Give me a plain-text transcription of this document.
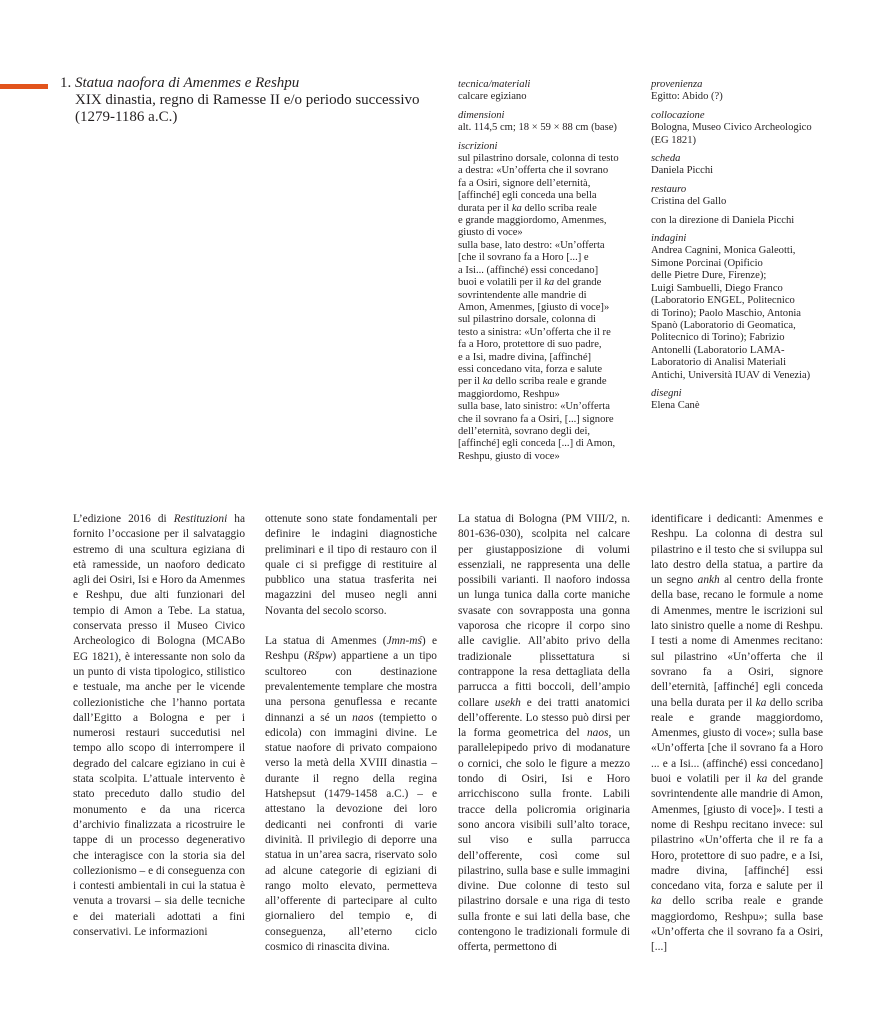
1. Statua naofora di Amenmes e Reshpu
XIX dinastia, regno di Ramesse II e/o periodo successivo
(1279-1186 a.C.)
tecnica/materiali
calcare egiziano
dimensioni
alt. 114,5 cm; 18 × 59 × 88 cm (base)
iscrizioni
sul pilastrino dorsale, colonna di testo
a destra: «Un’offerta che il sovrano
fa a Osiri, signore dell’eternità,
[affinché] egli conceda una bella
durata per il ka dello scriba reale
e grande maggiordomo, Amenmes,
giusto di voce»
sulla base, lato destro: «Un’offerta
[che il sovrano fa a Horo [...] e
a Isi... (affinché) essi concedano]
buoi e volatili per il ka del grande
sovrintendente alle mandrie di
Amon, Amenmes, [giusto di voce]»
sul pilastrino dorsale, colonna di
testo a sinistra: «Un’offerta che il re
fa a Horo, protettore di suo padre,
e a Isi, madre divina, [affinché]
essi concedano vita, forza e salute
per il ka dello scriba reale e grande
maggiordomo, Reshpu»
sulla base, lato sinistro: «Un’offerta
che il sovrano fa a Osiri, [...] signore
dell’eternità, sovrano degli dei,
[affinché] egli conceda [...] di Amon,
Reshpu, giusto di voce»
provenienza
Egitto: Abido (?)
collocazione
Bologna, Museo Civico Archeologico
(EG 1821)
scheda
Daniela Picchi
restauro
Cristina del Gallo
con la direzione di Daniela Picchi
indagini
Andrea Cagnini, Monica Galeotti,
Simone Porcinai (Opificio
delle Pietre Dure, Firenze);
Luigi Sambuelli, Diego Franco
(Laboratorio ENGEL, Politecnico
di Torino); Paolo Maschio, Antonia
Spanò (Laboratorio di Geomatica,
Politecnico di Torino); Fabrizio
Antonelli (Laboratorio LAMA-
Laboratorio di Analisi Materiali
Antichi, Università IUAV di Venezia)
disegni
Elena Canè

L’edizione 2016 di Restituzioni ha fornito l’occasione per il salvataggio estremo di una scultura egiziana di età ramesside, un naoforo dedicato agli dei Osiri, Isi e Horo da Amenmes e Reshpu, due alti funzionari del tempio di Amon a Tebe. La statua, conservata presso il Museo Civico Archeologico di Bologna (MCABo EG 1821), è interessante non solo da un punto di vista tipologico, stilistico e testuale, ma anche per le vicende collezionistiche che l’hanno portata dall’Egitto a Bologna e per i numerosi restauri succedutisi nel tempo allo scopo di interrompere il degrado del calcare egiziano in cui è stata scolpita. L’attuale intervento è stato preceduto dallo studio del monumento e da una ricerca d’archivio finalizzata a ricostruire le tappe di un processo degenerativo che interagisce con la storia sia del collezionismo – e di conseguenza con i contesti ambientali in cui la statua è venuta a trovarsi – sia delle tecniche e dei materiali adottati a fini conservativi. Le informazioni

ottenute sono state fondamentali per definire le indagini diagnostiche preliminari e il tipo di restauro con il quale ci si prefigge di restituire al pubblico una statua trasferita nei magazzini del museo negli anni Novanta del secolo scorso.

La statua di Amenmes (Jmn-mś) e Reshpu (Ršpw) appartiene a un tipo scultoreo con destinazione prevalentemente templare che mostra una persona genuflessa e recante dinnanzi a sé un naos (tempietto o edicola) con immagini divine. Le statue naofore di privato compaiono verso la metà della XVIII dinastia – durante il regno della regina Hatshepsut (1479-1458 a.C.) – e attestano la devozione dei loro dedicanti nei confronti di varie divinità. Il privilegio di deporre una statua in un’area sacra, riservato solo ad alcune categorie di egiziani di rango molto elevato, permetteva all’offerente di partecipare al culto giornaliero del tempio e, di conseguenza, all’eterno ciclo cosmico di rinascita divina.

La statua di Bologna (PM VIII/2, n. 801-636-030), scolpita nel calcare per giustapposizione di volumi essenziali, ne rappresenta una delle possibili varianti. Il naoforo indossa un lunga tunica dalla corte maniche svasate con sovrapposta una gonna vaporosa che ricopre il corpo sino alle caviglie. All’abito privo della tradizionale plissettatura si contrappone la resa dettagliata della parrucca a fitti boccoli, dell’ampio collare usekh e dei tratti anatomici dell’offerente. Lo stesso può dirsi per la forma geometrica del naos, un parallelepipedo privo di modanature o cornici, che solo le figure a mezzo tondo di Osiri, Isi e Horo arricchiscono sulla fronte. Labili tracce della policromia originaria sono ancora visibili sull’alto torace, sul viso e sulla parrucca dell’offerente, così come sul pilastrino, sulla base e sulle immagini divine. Due colonne di testo sul pilastrino dorsale e una riga di testo sulla fronte e sui lati della base, che contengono le tradizionali formule di offerta, permettono di

identificare i dedicanti: Amenmes e Reshpu. La colonna di destra sul pilastrino e il testo che si sviluppa sul lato destro della statua, a partire da un segno ankh al centro della fronte della base, recano le formule a nome di Amenmes, mentre le iscrizioni sul lato sinistro quelle a nome di Reshpu. I testi a nome di Amenmes recitano: sul pilastrino «Un’offerta che il sovrano fa a Osiri, signore dell’eternità, [affinché] egli conceda una bella durata per il ka dello scriba reale e grande maggiordomo, Amenmes, giusto di voce»; sulla base «Un’offerta [che il sovrano fa a Horo ... e a Isi... (affinché) essi concedano] buoi e volatili per il ka del grande sovrintendente alle mandrie di Amon, Amenmes, [giusto di voce]». I testi a nome di Reshpu recitano invece: sul pilastrino «Un’offerta che il re fa a Horo, protettore di suo padre, e a Isi, madre divina, [affinché] essi concedano vita, forza e salute per il ka dello scriba reale e grande maggiordomo, Reshpu»; sulla base «Un’offerta che il sovrano fa a Osiri, [...]
